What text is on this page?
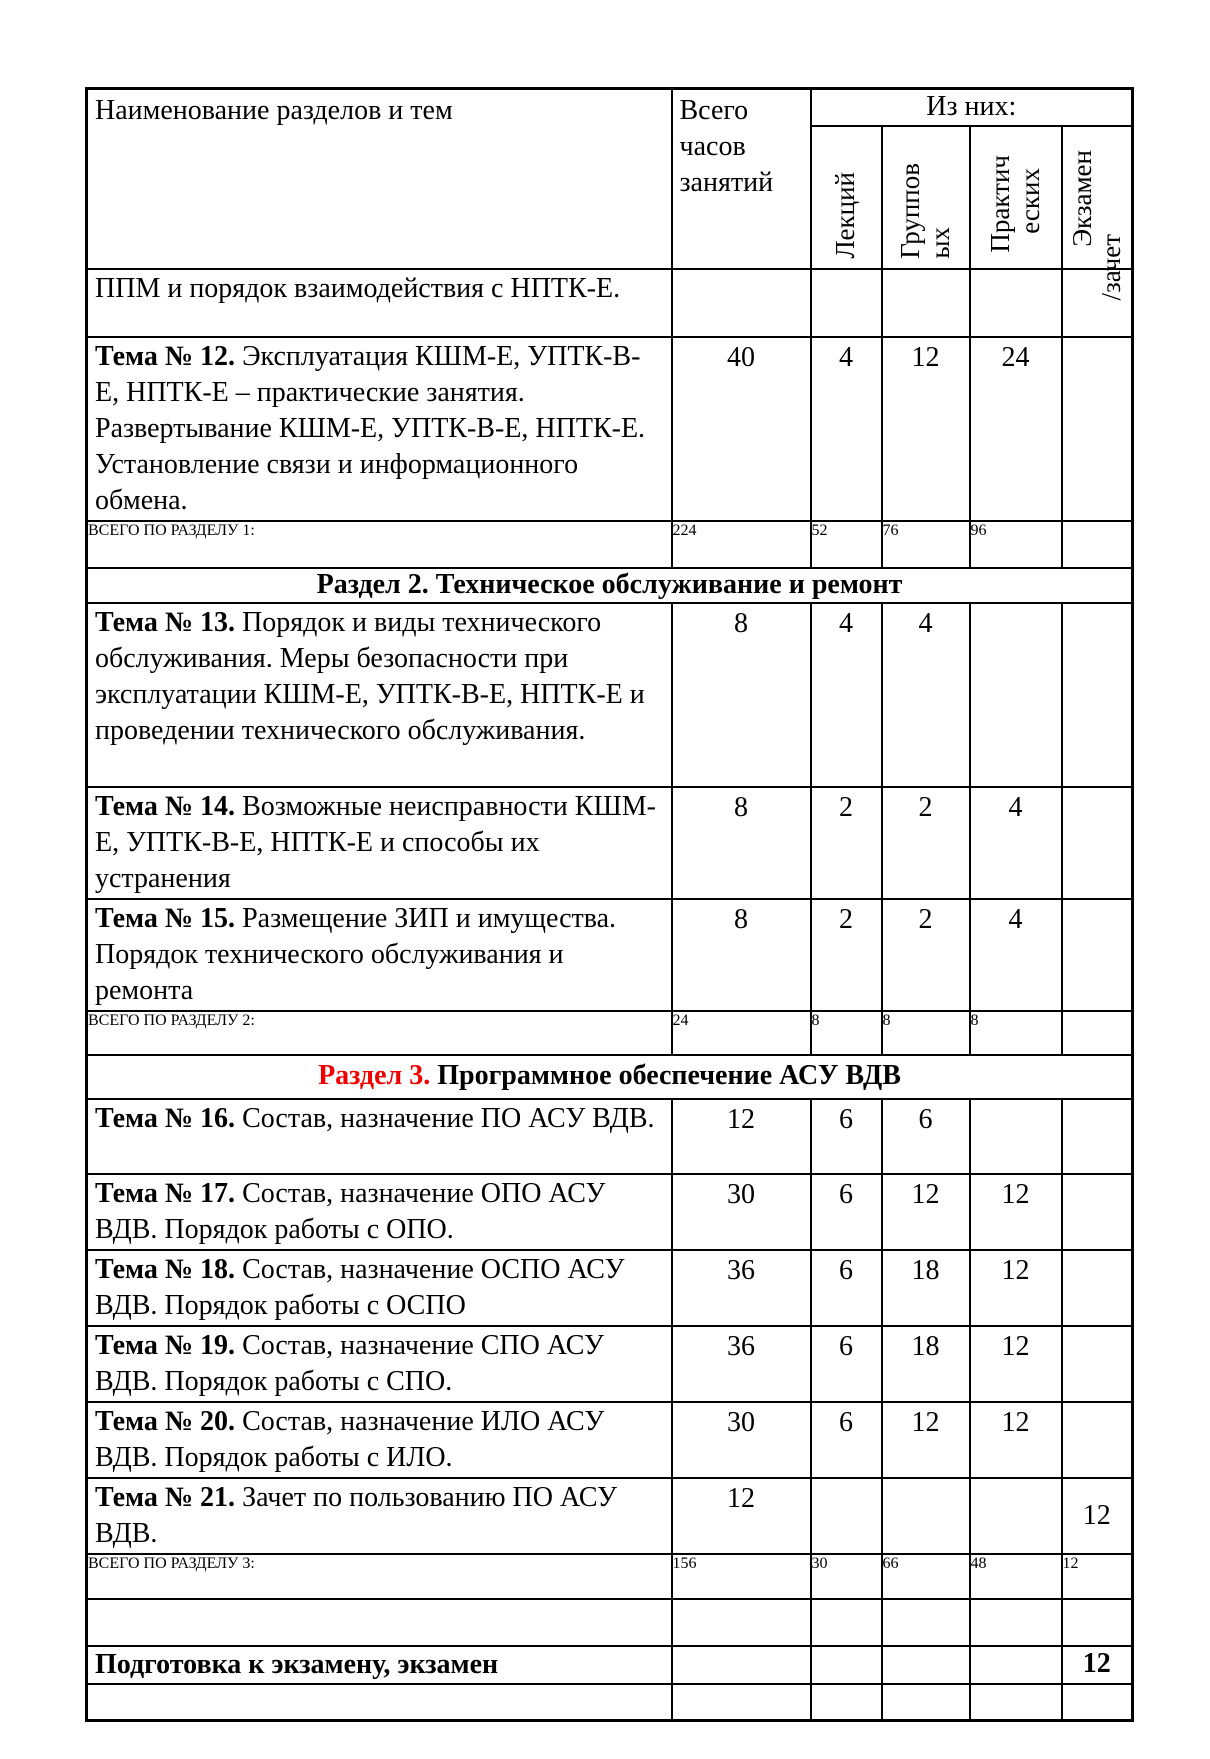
Наименование разделов и тем	Всего часов занятий	Из них:			

		Лекций	Группов ых	Практич еских	Экзамен
/зачет

ППМ и порядок взаимодействия с НПТК-Е.					
Тема № 12. Эксплуатация КШМ-Е, УПТК-В-Е, НПТК-Е – практические занятия. Развертывание КШМ-Е, УПТК-В-Е, НПТК-Е. Установление связи и информационного обмена.	40	4	12	24	
ВСЕГО ПО РАЗДЕЛУ 1:	224	52	76	96	
Раздел 2. Техническое обслуживание и ремонт					
Тема № 13. Порядок и виды технического обслуживания. Меры безопасности при эксплуатации КШМ-Е, УПТК-В-Е, НПТК-Е и проведении технического обслуживания.	8	4	4		
Тема № 14. Возможные неисправности КШМ-Е, УПТК-В-Е, НПТК-Е и способы их устранения	8	2	2	4	
Тема № 15. Размещение ЗИП и имущества. Порядок технического обслуживания и ремонта	8	2	2	4	
ВСЕГО ПО РАЗДЕЛУ 2:	24	8	8	8	
Раздел 3. Программное обеспечение АСУ ВДВ					
Тема № 16. Состав, назначение ПО АСУ ВДВ.	12	6	6		
Тема № 17. Состав, назначение ОПО АСУ ВДВ. Порядок работы с ОПО.	30	6	12	12	
Тема № 18. Состав, назначение ОСПО АСУ ВДВ. Порядок работы с ОСПО	36	6	18	12	
Тема № 19. Состав, назначение СПО АСУ ВДВ. Порядок работы с СПО.	36	6	18	12	
Тема № 20. Состав, назначение ИЛО АСУ ВДВ. Порядок работы с ИЛО.	30	6	12	12	
Тема № 21. Зачет по пользованию ПО АСУ ВДВ.	12				12
ВСЕГО ПО РАЗДЕЛУ 3:	156	30	66	48	12

Подготовка к экзамену, экзамен					12
